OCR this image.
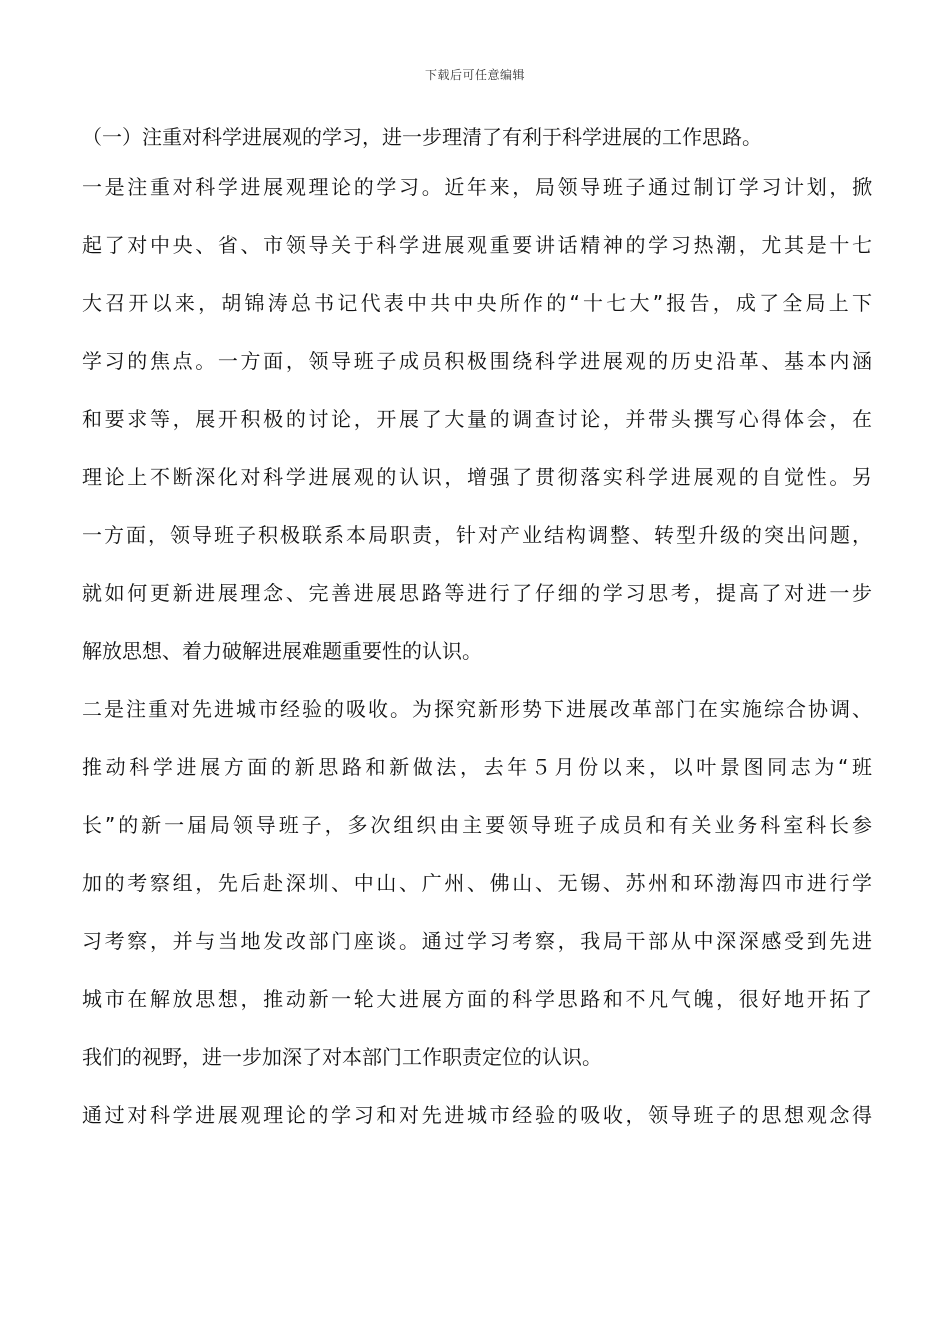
下载后可任意编辑

（一）注重对科学进展观的学习，进一步理清了有利于科学进展的工作思路。

一是注重对科学进展观理论的学习。近年来，局领导班子通过制订学习计划，掀
起了对中央、省、市领导关于科学进展观重要讲话精神的学习热潮，尤其是十七
大召开以来，胡锦涛总书记代表中共中央所作的“十七大”报告，成了全局上下
学习的焦点。一方面，领导班子成员积极围绕科学进展观的历史沿革、基本内涵
和要求等，展开积极的讨论，开展了大量的调查讨论，并带头撰写心得体会，在
理论上不断深化对科学进展观的认识，增强了贯彻落实科学进展观的自觉性。另
一方面，领导班子积极联系本局职责，针对产业结构调整、转型升级的突出问题，
就如何更新进展理念、完善进展思路等进行了仔细的学习思考，提高了对进一步
解放思想、着力破解进展难题重要性的认识。
二是注重对先进城市经验的吸收。为探究新形势下进展改革部门在实施综合协调、
推动科学进展方面的新思路和新做法，去年５月份以来，以叶景图同志为“班
长”的新一届局领导班子，多次组织由主要领导班子成员和有关业务科室科长参
加的考察组，先后赴深圳、中山、广州、佛山、无锡、苏州和环渤海四市进行学
习考察，并与当地发改部门座谈。通过学习考察，我局干部从中深深感受到先进
城市在解放思想，推动新一轮大进展方面的科学思路和不凡气魄，很好地开拓了
我们的视野，进一步加深了对本部门工作职责定位的认识。
通过对科学进展观理论的学习和对先进城市经验的吸收，领导班子的思想观念得
